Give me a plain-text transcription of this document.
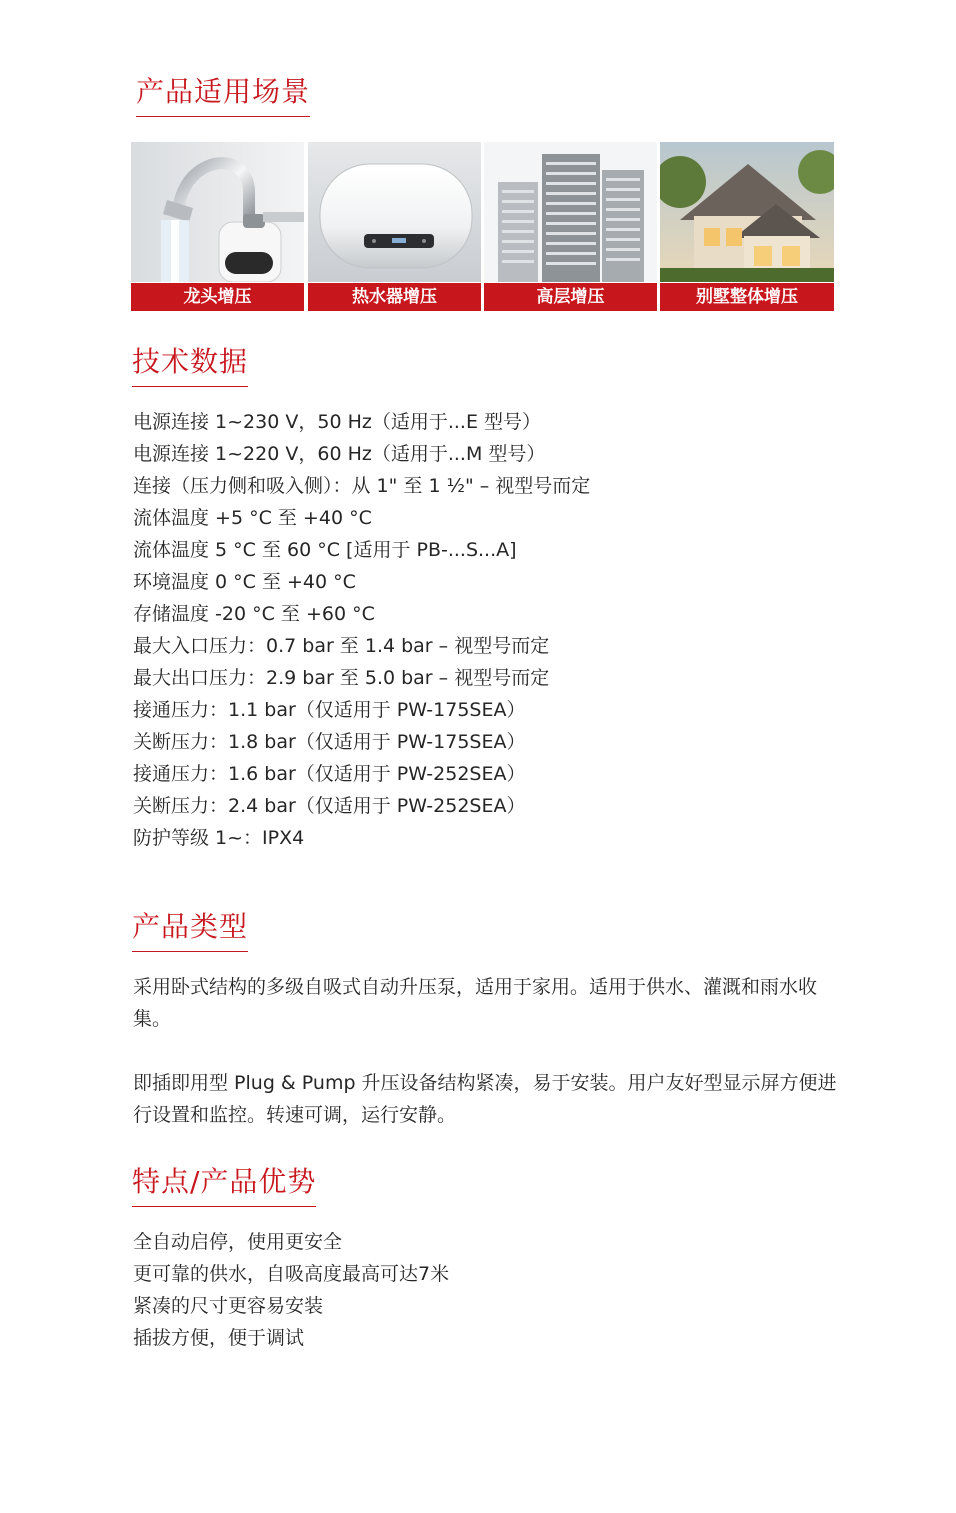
产品适用场景
龙头增压	热水器增压	高层增压	别墅整体增压
技术数据
电源连接 1~230 V，50 Hz（适用于...E 型号）
电源连接 1~220 V，60 Hz（适用于...M 型号）
连接（压力侧和吸入侧）：从 1" 至 1 ½" – 视型号而定
流体温度 +5 °C 至 +40 °C
流体温度 5 °C 至 60 °C [适用于 PB-...S...A]
环境温度 0 °C 至 +40 °C
存储温度 -20 °C 至 +60 °C
最大入口压力：0.7 bar 至 1.4 bar – 视型号而定
最大出口压力：2.9 bar 至 5.0 bar – 视型号而定
接通压力：1.1 bar（仅适用于 PW-175SEA）
关断压力：1.8 bar（仅适用于 PW-175SEA）
接通压力：1.6 bar（仅适用于 PW-252SEA）
关断压力：2.4 bar（仅适用于 PW-252SEA）
防护等级 1~：IPX4
产品类型

采用卧式结构的多级自吸式自动升压泵，适用于家用。适用于供水、灌溉和雨水收集。

即插即用型 Plug & Pump 升压设备结构紧凑，易于安装。用户友好型显示屏方便进行设置和监控。转速可调，运行安静。

特点/产品优势
全自动启停，使用更安全
更可靠的供水，自吸高度最高可达7米
紧凑的尺寸更容易安装
插拔方便，便于调试
